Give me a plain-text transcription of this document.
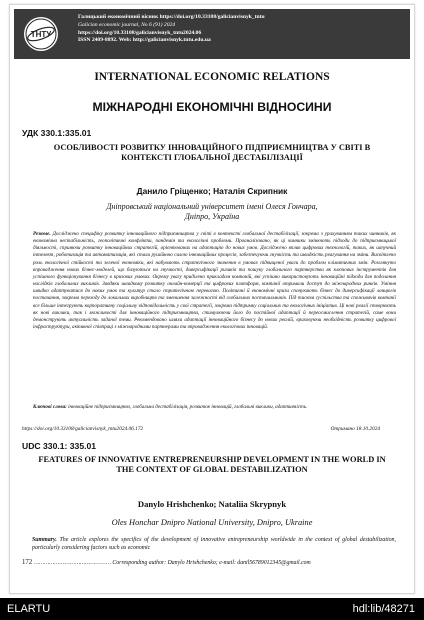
ТНТУ
Галицький економічний вісник https://doi.org/10.33108/galicianvisnyk_tntu
Galician economic journal, No 6 (91) 2024
https://doi.org/10.33108/galicianvisnyk_tntu2024.06
ISSN 2409-8892. Web: http://galicianvisnyk.tntu.edu.ua
INTERNATIONAL ECONOMIC RELATIONS
МІЖНАРОДНІ ЕКОНОМІЧНІ ВІДНОСИНИ
УДК 330.1:335.01
ОСОБЛИВОСТІ РОЗВИТКУ ІННОВАЦІЙНОГО ПІДПРИЄМНИЦТВА У СВІТІ В КОНТЕКСТІ ГЛОБАЛЬНОЇ ДЕСТАБІЛІЗАЦІЇ
Данило Гріщенко; Наталія Скрипник
Дніпровський національний університет імені Олеся Гончара,
Дніпро, Україна
Резюме. Досліджено специфіку розвитку інноваційного підприємництва у світі в контексті глобальної дестабілізації, зокрема з урахуванням таких чинників, як економічна нестабільність, геополітичні конфлікти, пандемія та екологічні проблеми. Проаналізовано, як ці чинники змінюють підходи до підприємницької діяльності, сприяючи розвитку інноваційних стратегій, орієнтованих на адаптацію до нових умов. Досліджено вплив цифрових технологій, таких, як штучний інтелект, роботизація та автоматизація, які стали рушійною силою інноваційних процесів, забезпечуючи гнучкість та швидкість реагування на зміни. Висвітлено роль екологічної стійкості та зеленої економіки, які набувають стратегічного значення в умовах підвищеної уваги до проблем кліматичних змін. Розглянуто впровадження нових бізнес-моделей, що базуються на гнучкості, диверсифікації ризиків та пошуку глобального партнерства як ключових інструментів для успішного функціонування бізнесу в кризових умовах. Окрему увагу приділено прикладам компаній, які успішно використовують інноваційні підходи для подолання наслідків глобальних викликів. Завдяки швидкому розвитку онлайн-комерції та цифрових платформ, компанії отримали доступ до міжнародних ринків. Уміння швидко адаптуватися до нових умов та культур стало стратегічною перевагою. Політичні й економічні кризи спонукають бізнес до диверсифікації ланцюгів постачання, зокрема переходу до локальних виробництв та зменшення залежності від глобальних постачальників. Під тиском суспільства та споживачів компанії все більше інтегрують корпоративну соціальну відповідальність у свої стратегії, зокрема підтримку соціальних та екологічних ініціатив. Ці нові реалії створюють як нові виклики, так і можливості для інноваційного підприємництва, стимулюючи його до постійної адаптації й переосмислення стратегій, саме вони демонструють актуальність заданої теми. Рекомендовано шляхи адаптації інноваційного бізнесу до нових реалій, враховуючи необхідність розвитку цифрової інфраструктури, активної співпраці з міжнародними партнерами та впровадження екологічних інновацій.
Ключові слова: інноваційне підприємництво, глобальна дестабілізація, розвиток інновацій, глобальні виклики, адаптивність.
https://doi.org/10.33108/galicianvisnyk_tntu2024.06.172	Отримано 18.10.2024
UDC 330.1: 335.01
FEATURES OF INNOVATIVE ENTREPRENEURSHIP DEVELOPMENT IN THE WORLD IN THE CONTEXT OF GLOBAL DESTABILIZATION
Danylo Hrishchenko; Nataliia Skrypnyk
Oles Honchar Dnipro National University, Dnipro, Ukraine
Summary. The article explores the specifics of the development of innovative entrepreneurship worldwide in the context of global destabilization, particularly considering factors such as economic
172 ……………………………………… Corresponding author: Danylo Hrishchenko; e-mail: danil5678901234​5@gmail.com
ELARTU	hdl:lib/48271
